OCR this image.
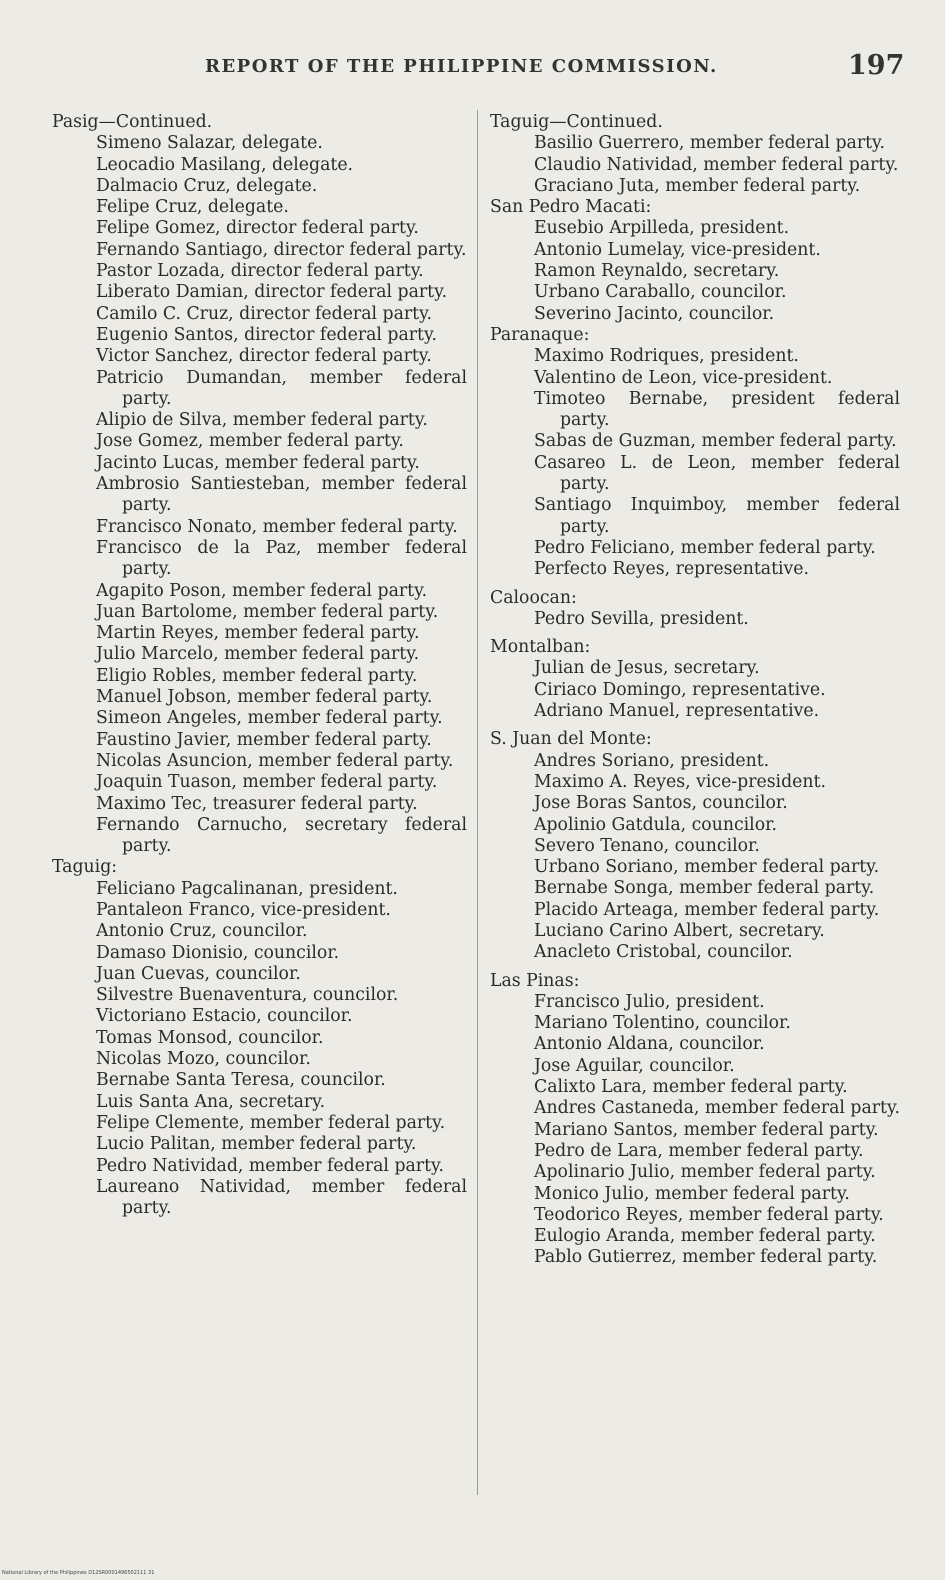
REPORT OF THE PHILIPPINE COMMISSION.	197
Pasig—Continued.
Simeno Salazar, delegate.
Leocadio Masilang, delegate.
Dalmacio Cruz, delegate.
Felipe Cruz, delegate.
Felipe Gomez, director federal party.
Fernando Santiago, director federal party.
Pastor Lozada, director federal party.
Liberato Damian, director federal party.
Camilo C. Cruz, director federal party.
Eugenio Santos, director federal party.
Victor Sanchez, director federal party.
Patricio Dumandan, member federal party.
Alipio de Silva, member federal party.
Jose Gomez, member federal party.
Jacinto Lucas, member federal party.
Ambrosio Santiesteban, member federal party.
Francisco Nonato, member federal party.
Francisco de la Paz, member federal party.
Agapito Poson, member federal party.
Juan Bartolome, member federal party.
Martin Reyes, member federal party.
Julio Marcelo, member federal party.
Eligio Robles, member federal party.
Manuel Jobson, member federal party.
Simeon Angeles, member federal party.
Faustino Javier, member federal party.
Nicolas Asuncion, member federal party.
Joaquin Tuason, member federal party.
Maximo Tec, treasurer federal party.
Fernando Carnucho, secretary federal party.
Taguig:
Feliciano Pagcalinanan, president.
Pantaleon Franco, vice-president.
Antonio Cruz, councilor.
Damaso Dionisio, councilor.
Juan Cuevas, councilor.
Silvestre Buenaventura, councilor.
Victoriano Estacio, councilor.
Tomas Monsod, councilor.
Nicolas Mozo, councilor.
Bernabe Santa Teresa, councilor.
Luis Santa Ana, secretary.
Felipe Clemente, member federal party.
Lucio Palitan, member federal party.
Pedro Natividad, member federal party.
Laureano Natividad, member federal party.
Taguig—Continued.
Basilio Guerrero, member federal party.
Claudio Natividad, member federal party.
Graciano Juta, member federal party.
San Pedro Macati:
Eusebio Arpilleda, president.
Antonio Lumelay, vice-president.
Ramon Reynaldo, secretary.
Urbano Caraballo, councilor.
Severino Jacinto, councilor.
Paranaque:
Maximo Rodriques, president.
Valentino de Leon, vice-president.
Timoteo Bernabe, president federal party.
Sabas de Guzman, member federal party.
Casareo L. de Leon, member federal party.
Santiago Inquimboy, member federal party.
Pedro Feliciano, member federal party.
Perfecto Reyes, representative.
Caloocan:
Pedro Sevilla, president.
Montalban:
Julian de Jesus, secretary.
Ciriaco Domingo, representative.
Adriano Manuel, representative.
S. Juan del Monte:
Andres Soriano, president.
Maximo A. Reyes, vice-president.
Jose Boras Santos, councilor.
Apolinio Gatdula, councilor.
Severo Tenano, councilor.
Urbano Soriano, member federal party.
Bernabe Songa, member federal party.
Placido Arteaga, member federal party.
Luciano Carino Albert, secretary.
Anacleto Cristobal, councilor.
Las Pinas:
Francisco Julio, president.
Mariano Tolentino, councilor.
Antonio Aldana, councilor.
Jose Aguilar, councilor.
Calixto Lara, member federal party.
Andres Castaneda, member federal party.
Mariano Santos, member federal party.
Pedro de Lara, member federal party.
Apolinario Julio, member federal party.
Monico Julio, member federal party.
Teodorico Reyes, member federal party.
Eulogio Aranda, member federal party.
Pablo Gutierrez, member federal party.
National Library of the Philippines D12SR0001496502111 31
